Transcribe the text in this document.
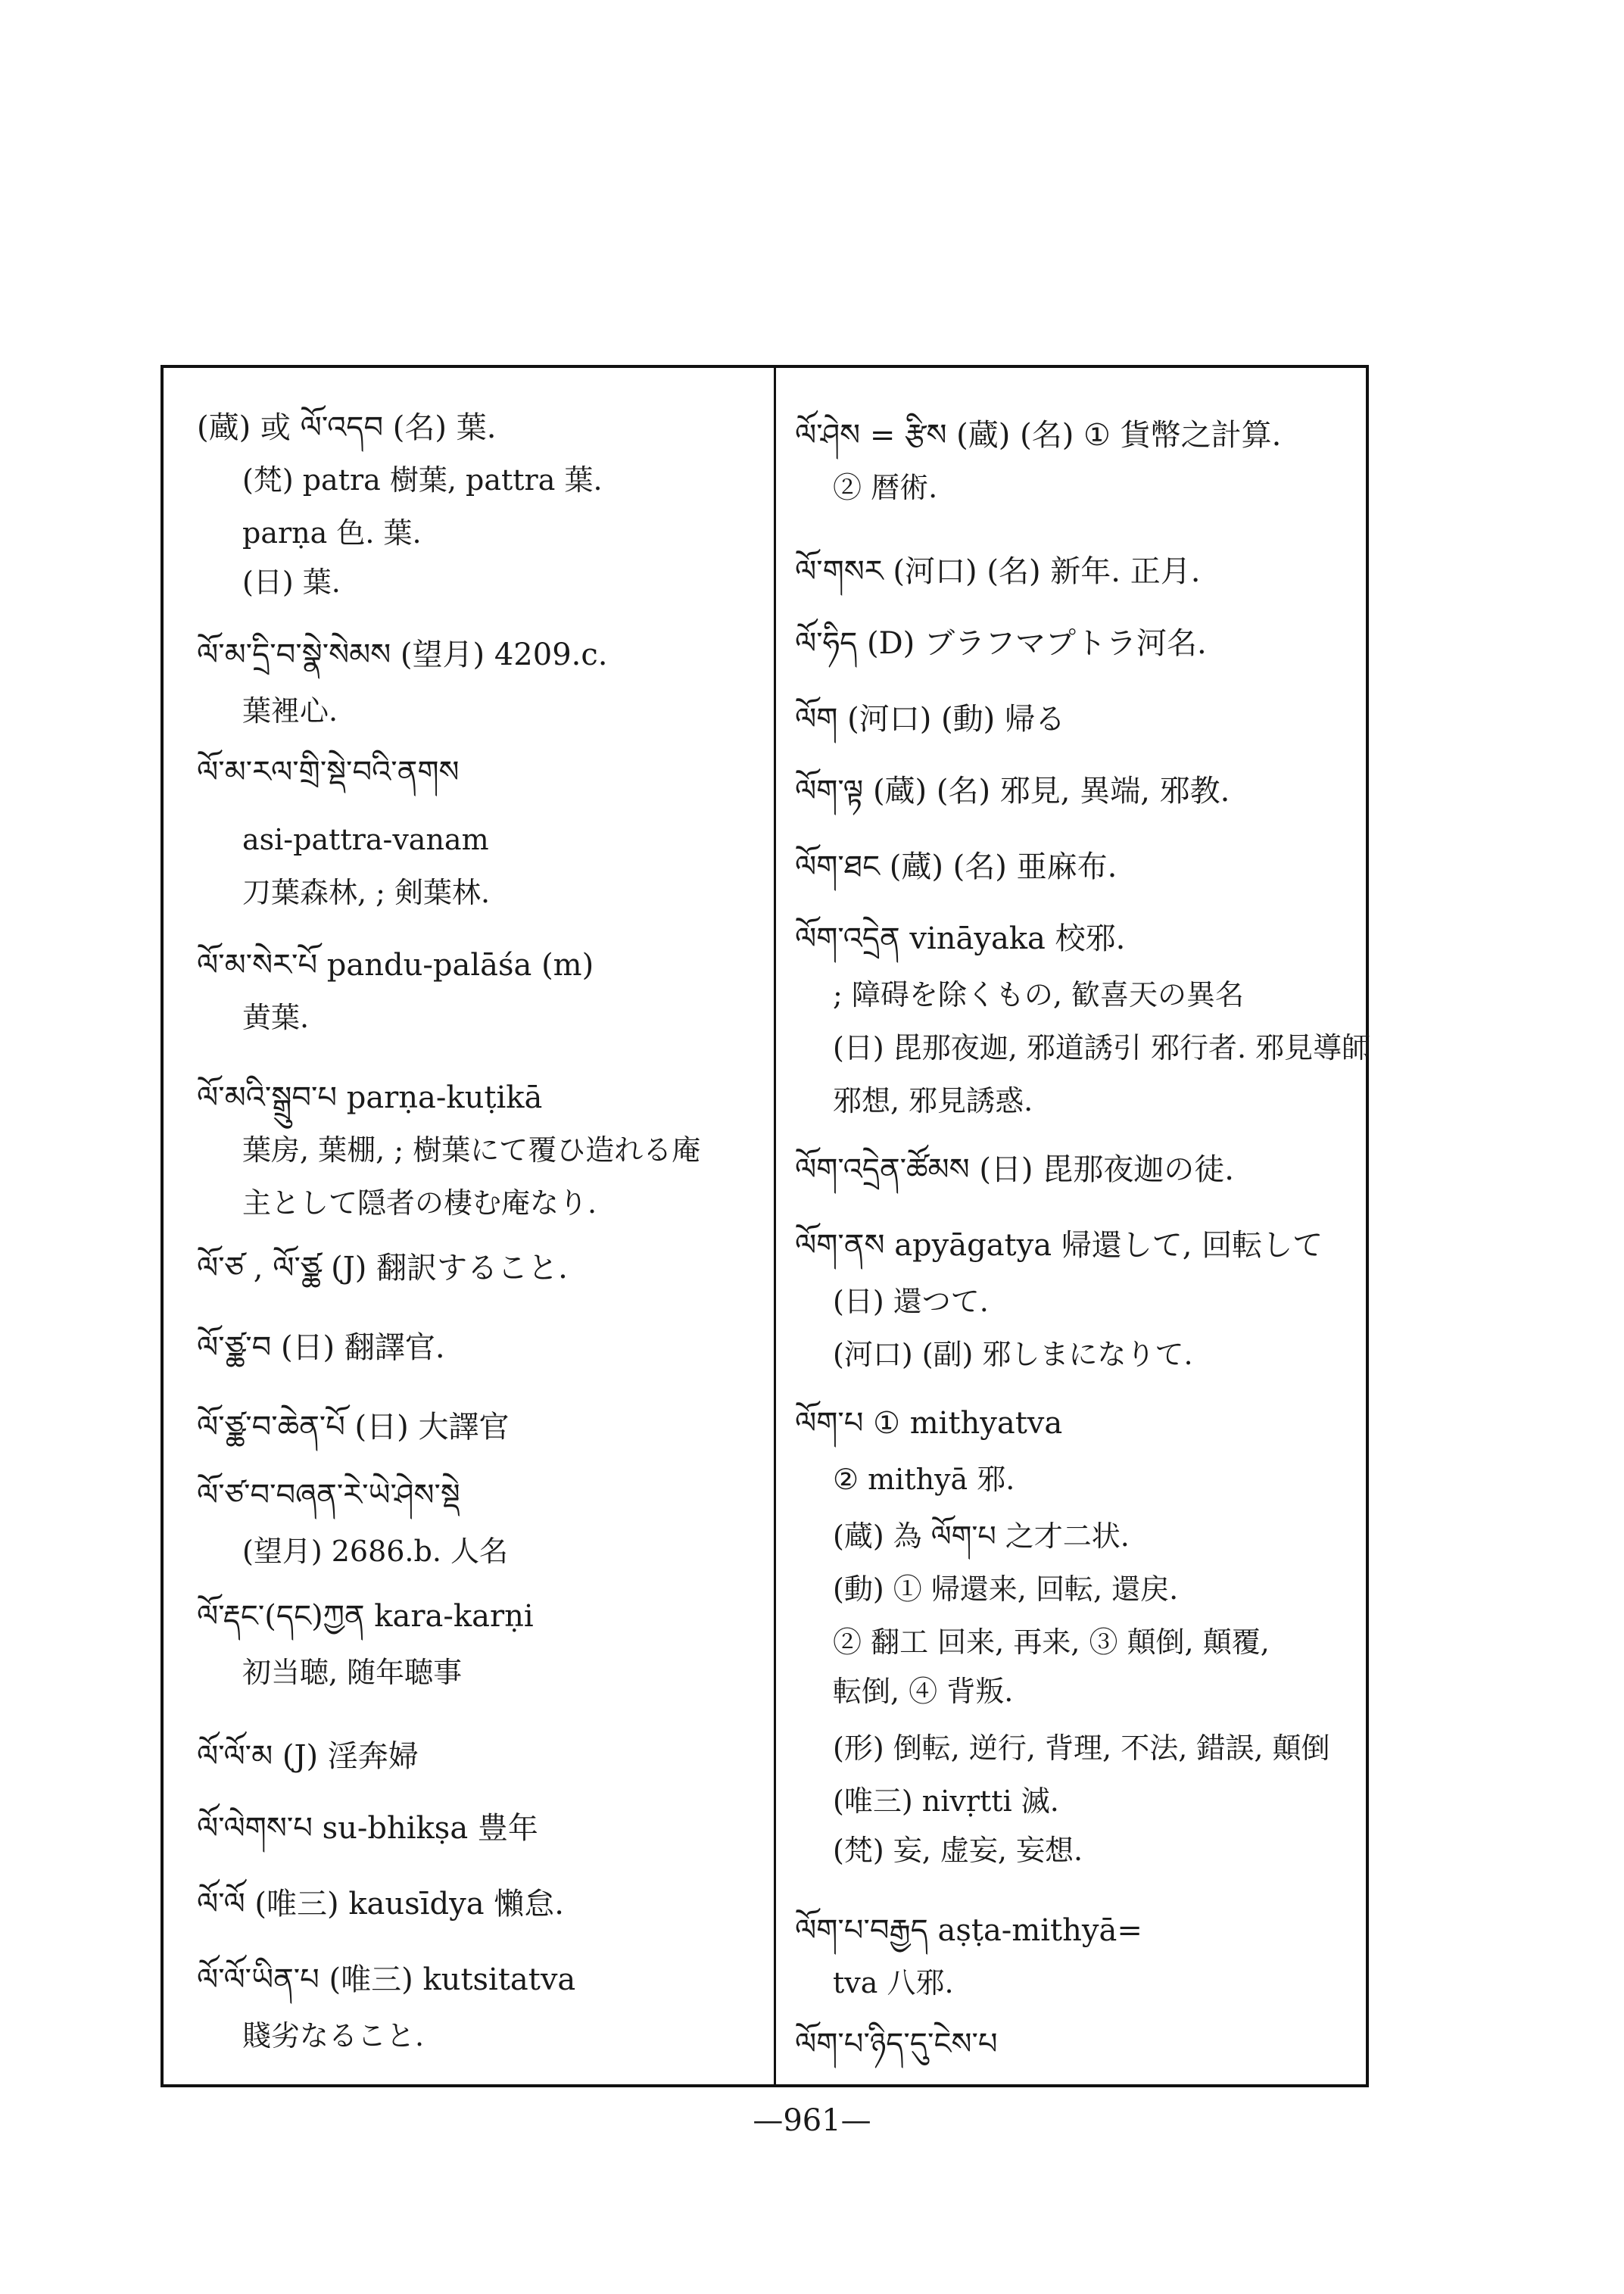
—961—
(蔵) 或 ལོ་འདབ (名) 葉.
(梵) patra 樹葉, pattra 葉.
parṇa 色. 葉.
(日) 葉.
ལོ་མ་དྲི་བ་སྣེ་སེམས (望月) 4209.c.
葉裡心.
ལོ་མ་རལ་གྲི་སྡེ་བའི་ནགས
asi-pattra-vanam
刀葉森林, ; 剣葉林.
ལོ་མ་སེར་པོ pandu-palāśa (m)
黄葉.
ལོ་མའི་སྒྲུབ་པ parṇa-kuṭikā
葉房, 葉棚, ; 樹葉にて覆ひ造れる庵
主として隠者の棲む庵なり.
ལོ་ཙ , ལོ་ཙྪ (J) 翻訳すること.
ལོ་ཙྪ་བ (日) 翻譯官.
ལོ་ཙྪ་བ་ཆེན་པོ (日) 大譯官
ལོ་ཙ་བ་བཞན་རེ་ཡེ་ཤེས་སྡེ
(望月) 2686.b. 人名
ལོ་རྡང་(དང)ཀྱན kara-karṇi
初当聴, 随年聴事
ལོ་ལོ་མ (J) 淫奔婦
ལོ་ལེགས་པ su-bhikṣa 豊年
ལོ་ལོ (唯三) kausīdya 懶怠.
ལོ་ལོ་ཡིན་པ (唯三) kutsitatva
賤劣なること.
ལོ་ཤེས = རྩིས (蔵) (名) ① 貨幣之計算.
② 暦術.
ལོ་གསར (河口) (名) 新年. 正月.
ལོ་ཧིད (D) ブラフマプトラ河名.
ལོག (河口) (動) 帰る
ལོག་ལྟ (蔵) (名) 邪見, 異端, 邪教.
ལོག་ཐང (蔵) (名) 亜麻布.
ལོག་འདྲེན vināyaka 校邪.
; 障碍を除くもの, 歓喜天の異名
(日) 毘那夜迦, 邪道誘引 邪行者. 邪見導師
邪想, 邪見誘惑.
ལོག་འདྲེན་ཚོམས (日) 毘那夜迦の徒.
ལོག་ནས apyāgatya 帰還して, 回転して
(日) 還つて.
(河口) (副) 邪しまになりて.
ལོག་པ ① mithyatva
② mithyā 邪.
(蔵) 為 ལོག་པ 之才二状.
(動) ① 帰還来, 回転, 還戻.
② 翻工 回来, 再来, ③ 顛倒, 顛覆,
転倒, ④ 背叛.
(形) 倒転, 逆行, 背理, 不法, 錯誤, 顛倒
(唯三) nivṛtti 滅.
(梵) 妄, 虚妄, 妄想.
ལོག་པ་བརྒྱད aṣṭa-mithyā=
tva 八邪.
ལོག་པ་ཉིད་དུ་ངེས་པ
